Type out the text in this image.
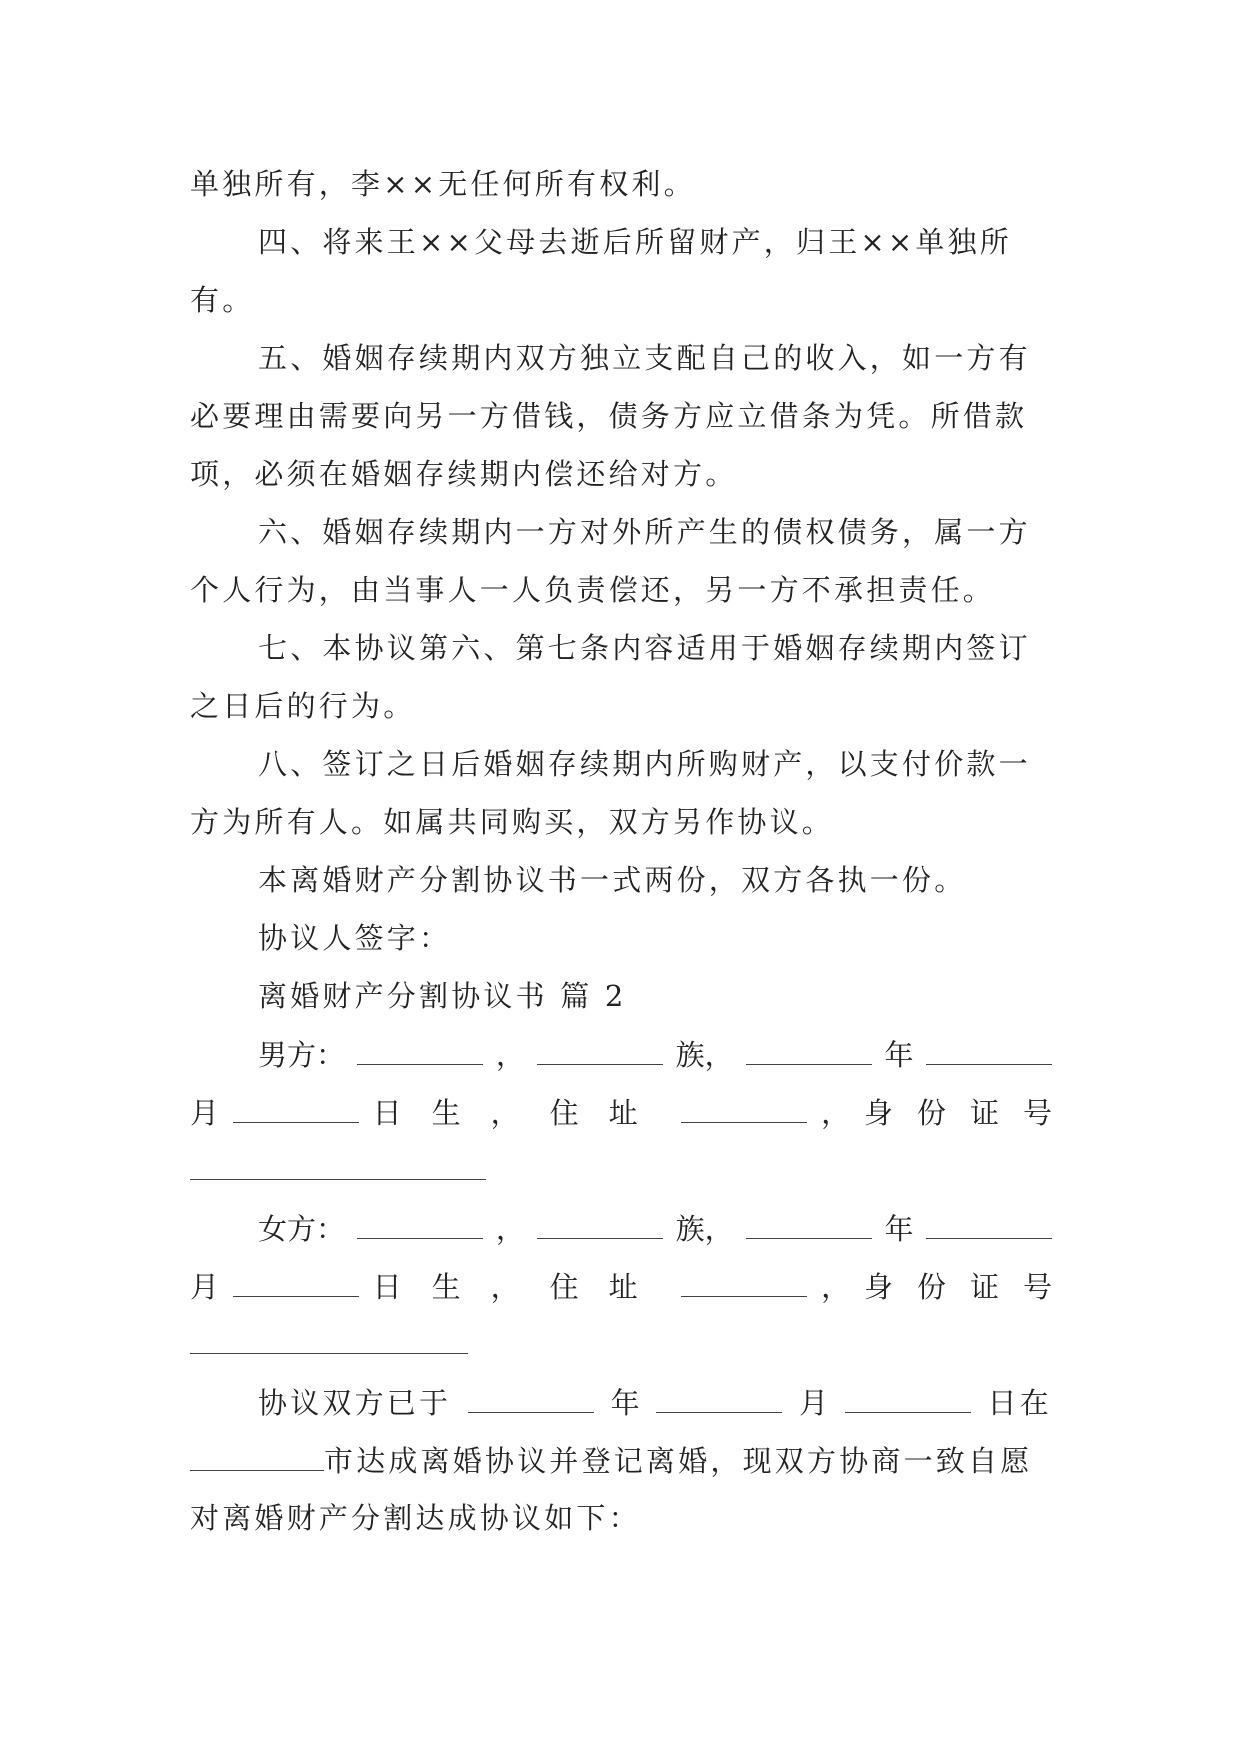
单独所有，李××无任何所有权利。
四、将来王××父母去逝后所留财产，归王××单独所
有。
五、婚姻存续期内双方独立支配自己的收入，如一方有
必要理由需要向另一方借钱，债务方应立借条为凭。所借款
项，必须在婚姻存续期内偿还给对方。
六、婚姻存续期内一方对外所产生的债权债务，属一方
个人行为，由当事人一人负责偿还，另一方不承担责任。
七、本协议第六、第七条内容适用于婚姻存续期内签订
之日后的行为。
八、签订之日后婚姻存续期内所购财产，以支付价款一
方为所有人。如属共同购买，双方另作协议。
本离婚财产分割协议书一式两份，双方各执一份。
协议人签字：
离婚财产分割协议书 篇 2
男方：	，	族，	年
月	日生，住址	， 身份证号
女方：	，	族，	年
月	日生，住址	， 身份证号
协议双方已于	年	月	日在
市达成离婚协议并登记离婚，现双方协商一致自愿
对离婚财产分割达成协议如下：
